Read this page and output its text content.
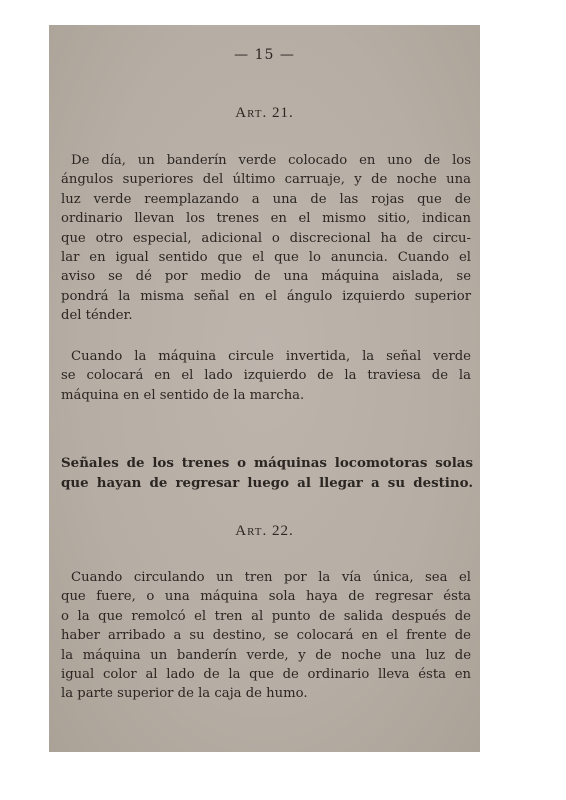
— 15 —
Art. 21.
De día, un banderín verde colocado en uno de los
ángulos superiores del último carruaje, y de noche una
luz verde reemplazando a una de las rojas que de
ordinario llevan los trenes en el mismo sitio, indican
que otro especial, adicional o discrecional ha de circu-
lar en igual sentido que el que lo anuncia. Cuando el
aviso se dé por medio de una máquina aislada, se
pondrá la misma señal en el ángulo izquierdo superior
del ténder.
Cuando la máquina circule invertida, la señal verde
se colocará en el lado izquierdo de la traviesa de la
máquina en el sentido de la marcha.
Señales de los trenes o máquinas locomotoras solas
que hayan de regresar luego al llegar a su destino.
Art. 22.
Cuando circulando un tren por la vía única, sea el
que fuere, o una máquina sola haya de regresar ésta
o la que remolcó el tren al punto de salida después de
haber arribado a su destino, se colocará en el frente de
la máquina un banderín verde, y de noche una luz de
igual color al lado de la que de ordinario lleva ésta en
la parte superior de la caja de humo.
